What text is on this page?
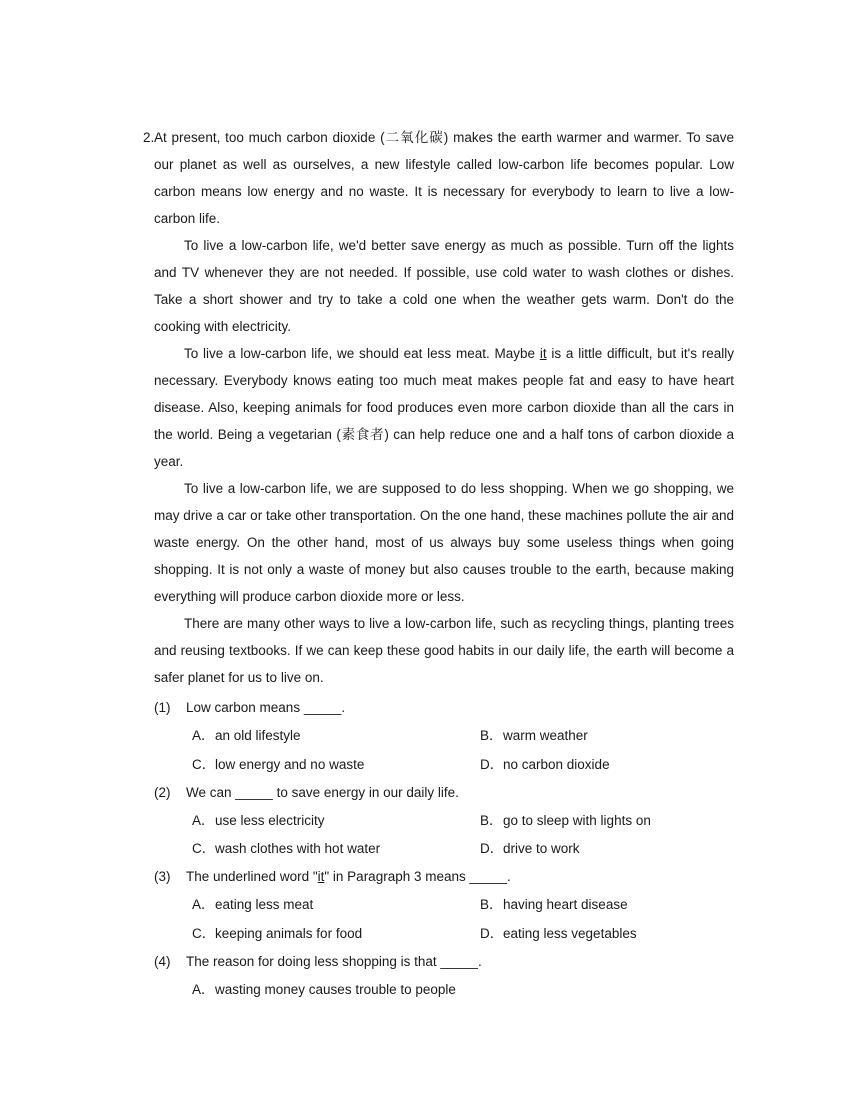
2. At present, too much carbon dioxide (二氧化碳) makes the earth warmer and warmer. To save our planet as well as ourselves, a new lifestyle called low-carbon life becomes popular. Low carbon means low energy and no waste. It is necessary for everybody to learn to live a low-carbon life.

To live a low-carbon life, we'd better save energy as much as possible. Turn off the lights and TV whenever they are not needed. If possible, use cold water to wash clothes or dishes. Take a short shower and try to take a cold one when the weather gets warm. Don't do the cooking with electricity.

To live a low-carbon life, we should eat less meat. Maybe it is a little difficult, but it's really necessary. Everybody knows eating too much meat makes people fat and easy to have heart disease. Also, keeping animals for food produces even more carbon dioxide than all the cars in the world. Being a vegetarian (素食者) can help reduce one and a half tons of carbon dioxide a year.

To live a low-carbon life, we are supposed to do less shopping. When we go shopping, we may drive a car or take other transportation. On the one hand, these machines pollute the air and waste energy. On the other hand, most of us always buy some useless things when going shopping. It is not only a waste of money but also causes trouble to the earth, because making everything will produce carbon dioxide more or less.

There are many other ways to live a low-carbon life, such as recycling things, planting trees and reusing textbooks. If we can keep these good habits in our daily life, the earth will become a safer planet for us to live on.

(1) Low carbon means _____.
A．an old lifestyle	B．warm weather
C．low energy and no waste	D．no carbon dioxide
(2) We can _____ to save energy in our daily life.
A．use less electricity	B．go to sleep with lights on
C．wash clothes with hot water	D．drive to work
(3) The underlined word "it" in Paragraph 3 means _____.
A．eating less meat	B．having heart disease
C．keeping animals for food	D．eating less vegetables
(4) The reason for doing less shopping is that _____.
A．wasting money causes trouble to people
